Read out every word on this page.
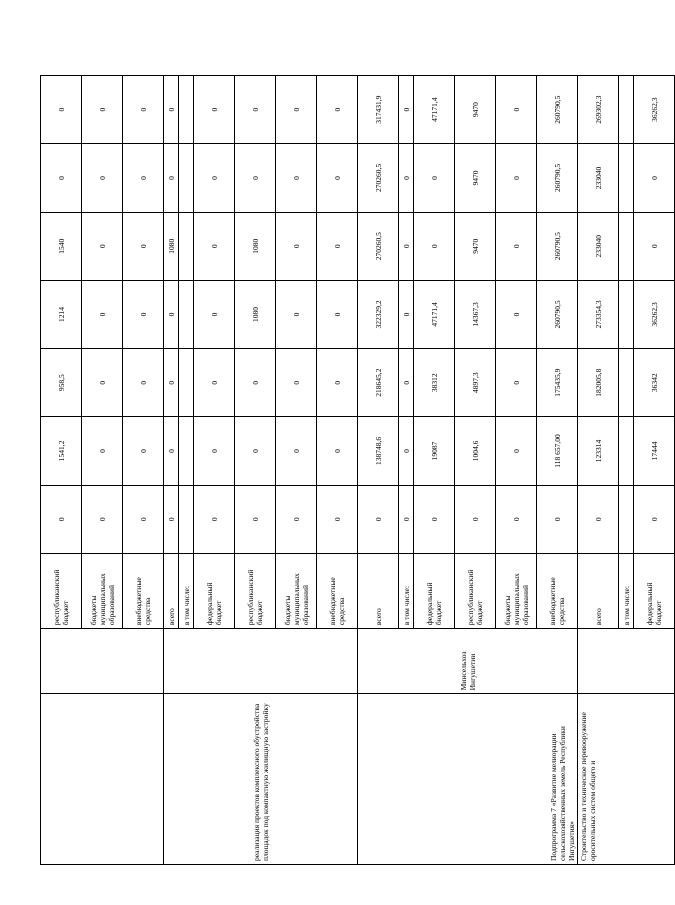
		республиканский бюджет	0	1541,2	958,5	1214	1540	0	0
		бюджеты муниципальных образований	0	0	0	0	0	0	0
		внебюджетные средства	0	0	0	0	0	0	0
реализация проектов комплексного обустройства площадок под компактную жилищную застройку		всего	0	0	0	0	1080	0	0
		в том числе:							
		федеральный бюджет	0	0	0	0	0	0	0
		республиканский бюджет	0	0	0	1080	1080	0	0
		бюджеты муниципальных образований	0	0	0	0	0	0	0
		внебюджетные средства	0	0	0	0	0	0	0
Подпрограмма 7 «Развитие мелиорации сельскохозяйственных земель Республики Ингушетия»	Минсельхоз Ингушетии	всего	0	138748,6	218645,2	322329,2	270260,5	270260,5	317431,9
		в том числе:	0	0	0	0	0	0	0
		федеральный бюджет	0	19087	38312	47171,4	0	0	47171,4
		республиканский бюджет	0	1004,6	4897,3	14367,3	9470	9470	9470
		бюджеты муниципальных образований	0	0	0	0	0	0	0
		внебюджетные средства	0	118 657,00	175435,9	260790,5	260790,5	260790,5	260790,5
Строительство и техническое перевооружение оросительных систем общего и		всего	0	123314	182005,8	273354,3	233040	233040	269302,3
		в том числе:							
		федеральный бюджет	0	17444	36342	36262,3	0	0	36262,3
